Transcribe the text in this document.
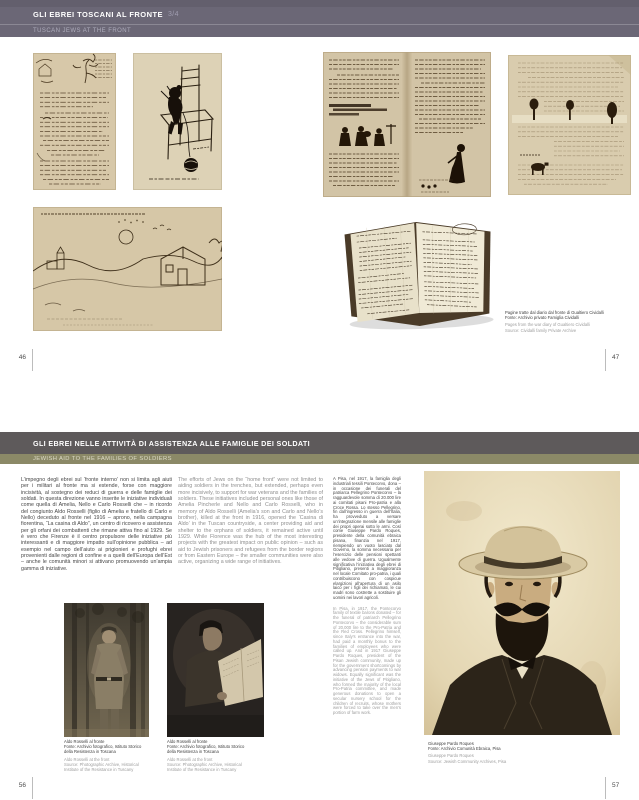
GLI EBREI TOSCANI AL FRONTE 3/4
TUSCAN JEWS AT THE FRONT
Pagine tratte dal diario dal fronte di Gualtiero Cividalli
Fonte: Archivio privato Famiglia Cividalli
Pages from the war diary of Gualtiero Cividalli
Source: Cividalli family Private Archive
46	47
GLI EBREI NELLE ATTIVITÀ DI ASSISTENZA ALLE FAMIGLIE DEI SOLDATI
JEWISH AID TO THE FAMILIES OF SOLDIERS
L’impegno degli ebrei sul ‘fronte interno’ non si limita agli aiuti per i militari al fronte ma si estende, forse con maggiore incisività, al sostegno dei reduci di guerra e delle famiglie dei soldati. In questa direzione vanno inserite le iniziative individuali come quella di Amelia, Nello e Carlo Rosselli che – in ricordo del congiunto Aldo Rosselli (figlio di Amelia e fratello di Carlo e Nello) deceduto al fronte nel 1916 – aprono, nella campagna fiorentina, “La casina di Aldo”, un centro di ricovero e assistenza per gli orfani dei combattenti che rimane attiva fino al 1929. Se è vero che Firenze è il centro propulsore delle iniziative più interessanti e di maggiore impatto sull’opinione pubblica – ad esempio nel campo dell’aiuto ai prigionieri e profughi ebrei provenienti dalle regioni di confine e a quelli dell’Europa dell’Est – anche le comunità minori si attivano promuovendo un’ampia gamma di iniziative.
The efforts of Jews on the “home front” were not limited to aiding soldiers in the trenches, but extended, perhaps even more incisively, to support for war veterans and the families of soldiers. These initiatives included personal ones like those of Amelia Pincherle and Nello and Carlo Rosselli, who in memory of Aldo Rosselli (Amelia’s son and Carlo and Nello’s brother), killed at the front in 1916, opened the ‘Casina di Aldo’ in the Tuscan countryside, a center providing aid and shelter to the orphans of soldiers, it remained active until 1929. While Florence was the hub of the most interesting projects with the greatest impact on public opinion – such as aid to Jewish prisoners and refugees from the border regions or from Eastern Europe – the smaller communities were also active, organizing a wide range of initiatives.

A Pisa, nel 1917, la famiglia degli industriali tessili Pontecorvo, dona – in occasione dei funerali del patriarca Pellegrino Pontecorvo – la ragguardevole somma di 20.000 lire ai comitati pisani Pro-patria e alla Croce Rossa. Lo stesso Pellegrino, fin dall’ingresso in guerra dell’Italia, ha provveduto a versare un’integrazione mensile alle famiglie dei propri operai sotto le armi. Così come Giuseppe Pardo Roques, presidente della comunità ebraica pisana, finanzia nel 1917, riempiendo un vuoto lasciato dal Governo, la somma necessaria per l’esercizio delle pensioni spettanti alle vedove di guerra. Ugualmente significativa l’iniziativa degli ebrei di Pitigliano, presenti a maggioranza nel locale Comitato pro-patria, i quali contribuiscono con cospicue elargizioni all’apertura di un asilo laico per i figli dei richiamati, le cui madri sono costrette a sostituire gli uomini nei lavori agricoli.

In Pisa, in 1917, the Pontecorvo family of textile barons donated – for the funeral of patriarch Pellegrino Pontecorvo – the considerable sum of 20,000 lire to the Pro-Patria and the Red Cross. Pellegrino himself, since Italy’s entrance into the war, had paid a monthly bonus to the families of employees who were called up. And in 1917 Giuseppe Pardo Roques, president of the Pisan Jewish community, made up for the government shortcomings by advancing pension payments to war widows. Equally significant was the initiative of the Jews of Pitigliano, who formed the majority of the local Pro-Patria committee, and made generous donations to open a secular nursery school for the children of recruits, whose mothers were forced to take over the men’s portion of farm work.

Aldo Rosselli al fronte
Fonte: Archivio fotografico, Istituto Storico
della Resistenza in Toscana
Aldo Rosselli at the front
Source: Photographic Archive, Historical
Institute of the Resistance in Tuscany
Aldo Rosselli al fronte
Fonte: Archivio fotografico, Istituto Storico
della Resistenza in Toscana
Aldo Rosselli at the front
Source: Photographic Archive, Historical
Institute of the Resistance in Tuscany
Giuseppe Pardo Roques
Fonte: Archivio Comunità Ebraica, Pisa
Giuseppe Pardo Roques
Source: Jewish Community Archives, Pisa
56	57
